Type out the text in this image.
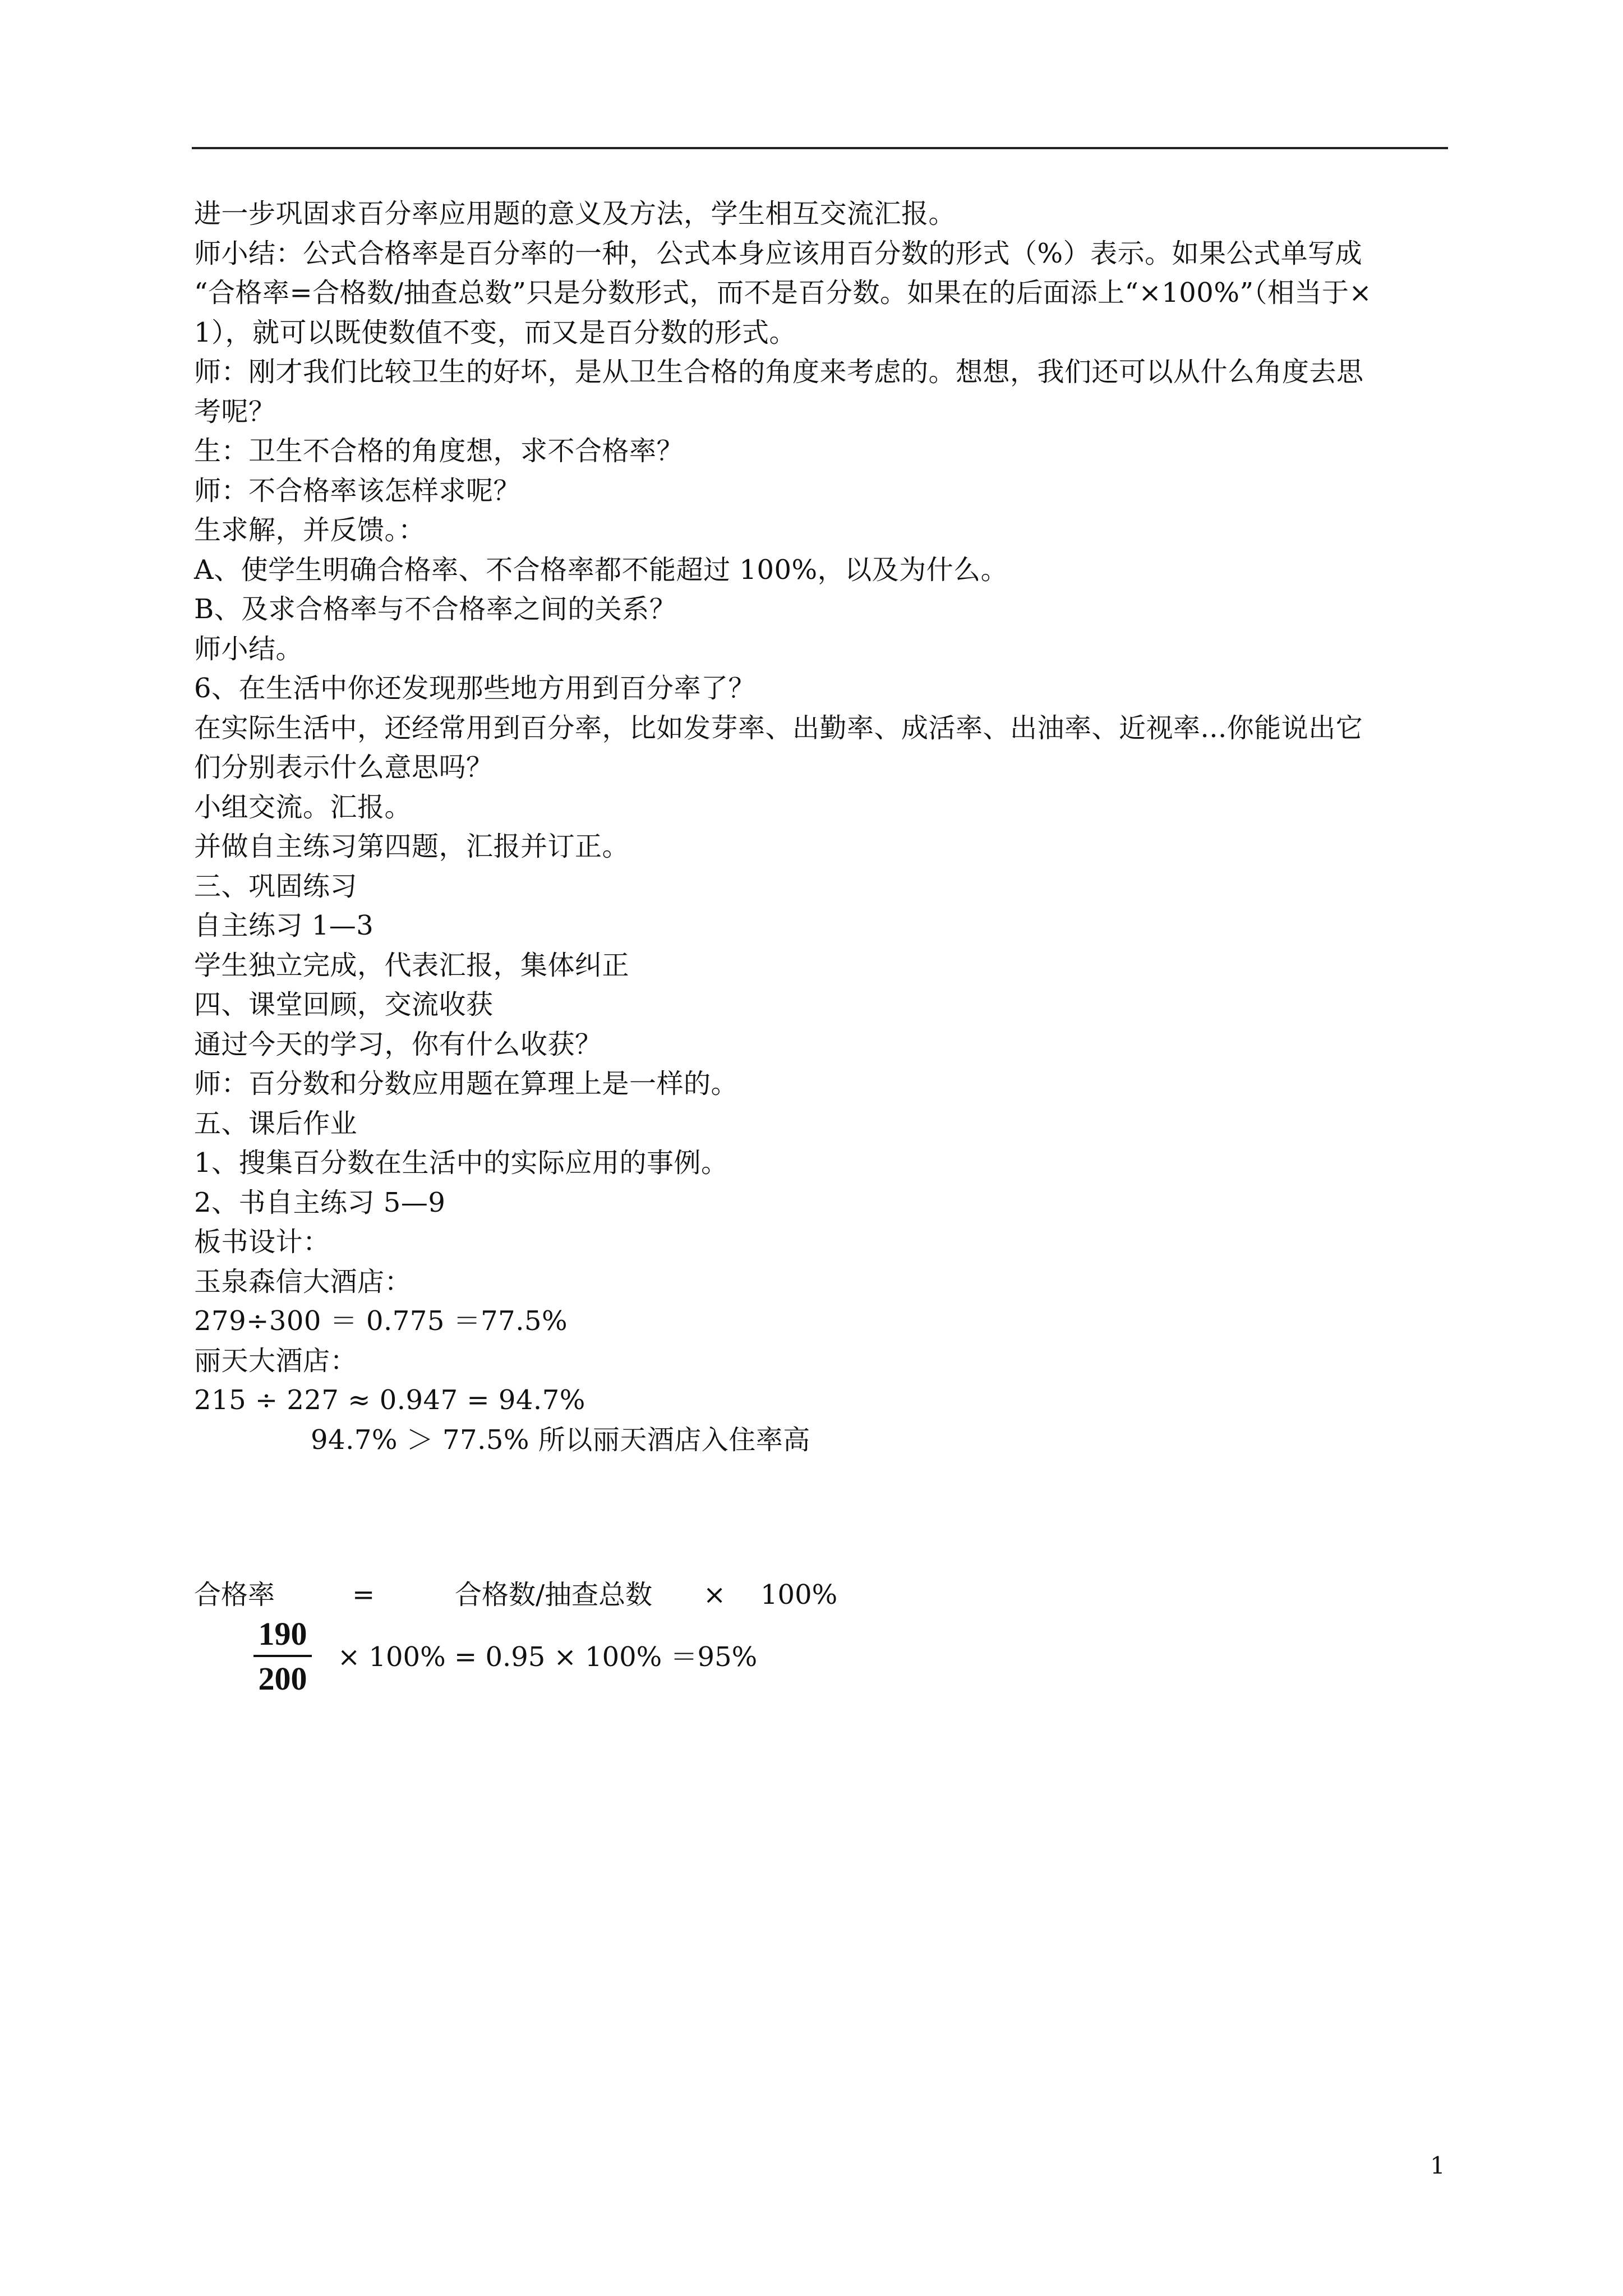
进一步巩固求百分率应用题的意义及方法，学生相互交流汇报。
师小结：公式合格率是百分率的一种，公式本身应该用百分数的形式（%）表示。如果公式单写成
“合格率=合格数/抽查总数”只是分数形式，而不是百分数。如果在的后面添上“×100%”（相当于×
1），就可以既使数值不变，而又是百分数的形式。
师：刚才我们比较卫生的好坏，是从卫生合格的角度来考虑的。想想，我们还可以从什么角度去思
考呢？
生：卫生不合格的角度想，求不合格率？
师：不合格率该怎样求呢？
生求解，并反馈。：
A、使学生明确合格率、不合格率都不能超过 100%，以及为什么。
B、及求合格率与不合格率之间的关系？
师小结。
6、在生活中你还发现那些地方用到百分率了？
在实际生活中，还经常用到百分率，比如发芽率、出勤率、成活率、出油率、近视率...你能说出它
们分别表示什么意思吗？
小组交流。汇报。
并做自主练习第四题，汇报并订正。
三、巩固练习
自主练习 1—3
学生独立完成，代表汇报，集体纠正
四、课堂回顾，交流收获
通过今天的学习，你有什么收获？
师：百分数和分数应用题在算理上是一样的。
五、课后作业
1、搜集百分数在生活中的实际应用的事例。
2、书自主练习 5—9
板书设计：
玉泉森信大酒店：
279÷300 ＝ 0.775 ＝77.5%
丽天大酒店：
215 ÷ 227 ≈ 0.947 = 94.7%
94.7% ＞ 77.5% 所以丽天酒店入住率高
合格率	=	合格数/抽查总数 × 100%
190
200
× 100% = 0.95 × 100% ＝95%
1
